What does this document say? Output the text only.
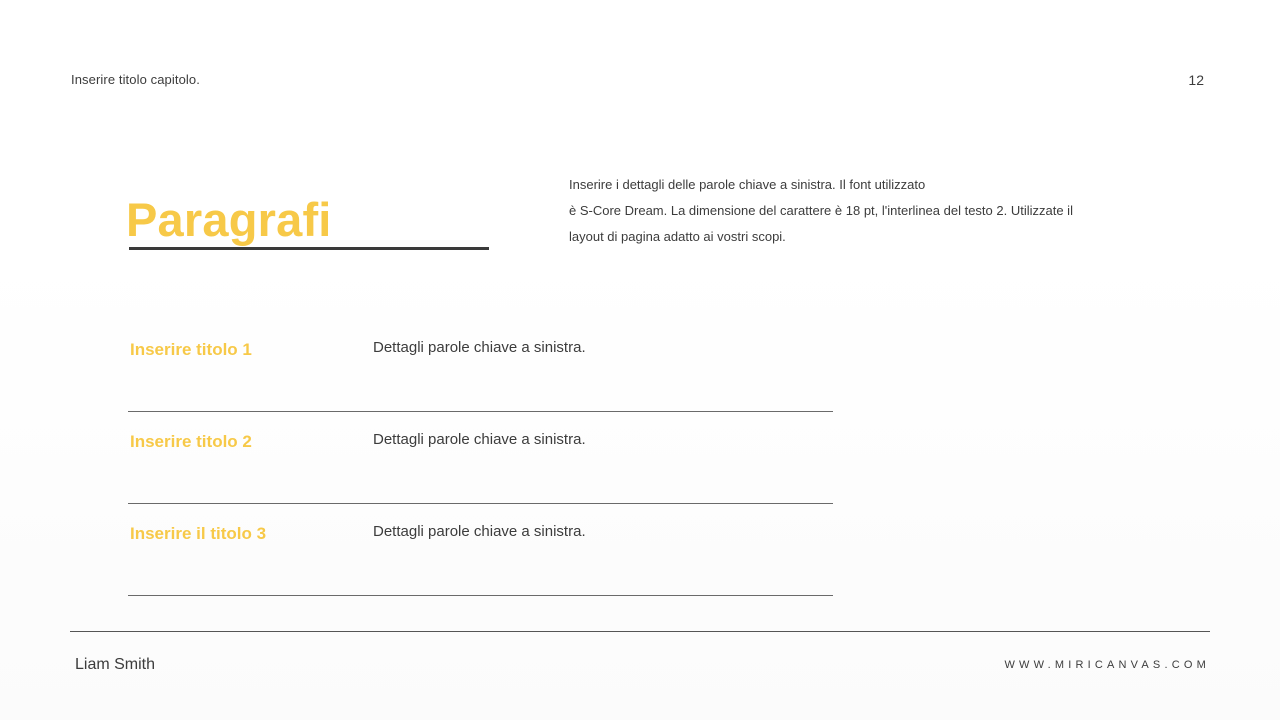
Inserire titolo capitolo.	12
Paragrafi
Inserire i dettagli delle parole chiave a sinistra. Il font utilizzato
è S-Core Dream. La dimensione del carattere è 18 pt, l'interlinea del testo 2. Utilizzate il
layout di pagina adatto ai vostri scopi.
Inserire titolo 1	Dettagli parole chiave a sinistra.
Inserire titolo 2	Dettagli parole chiave a sinistra.
Inserire il titolo 3	Dettagli parole chiave a sinistra.
Liam Smith	WWW.MIRICANVAS.COM
